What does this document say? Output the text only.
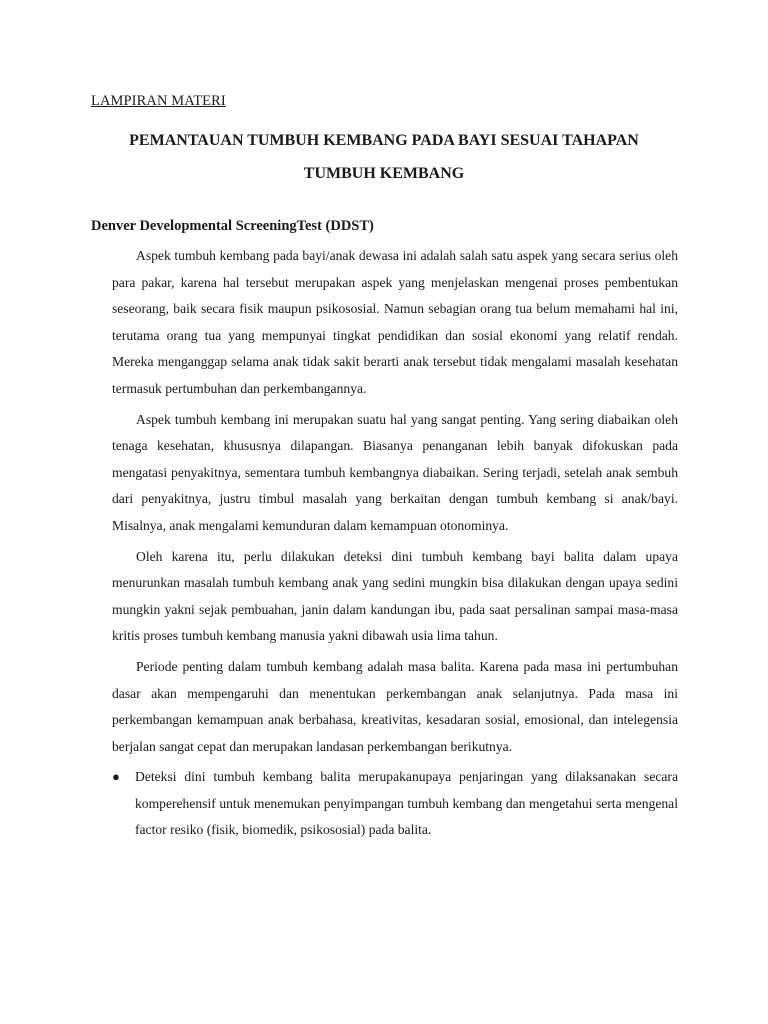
LAMPIRAN MATERI
PEMANTAUAN TUMBUH KEMBANG PADA BAYI SESUAI TAHAPAN
TUMBUH KEMBANG
Denver Developmental ScreeningTest (DDST)

Aspek tumbuh kembang pada bayi/anak dewasa ini adalah salah satu aspek yang secara serius oleh para pakar, karena hal tersebut merupakan aspek yang menjelaskan mengenai proses pembentukan seseorang, baik secara fisik maupun psikososial. Namun sebagian orang tua belum memahami hal ini, terutama orang tua yang mempunyai tingkat pendidikan dan sosial ekonomi yang relatif rendah. Mereka menganggap selama anak tidak sakit berarti anak tersebut tidak mengalami masalah kesehatan termasuk pertumbuhan dan perkembangannya.

Aspek tumbuh kembang ini merupakan suatu hal yang sangat penting. Yang sering diabaikan oleh tenaga kesehatan, khususnya dilapangan. Biasanya penanganan lebih banyak difokuskan pada mengatasi penyakitnya, sementara tumbuh kembangnya diabaikan. Sering terjadi, setelah anak sembuh dari penyakitnya, justru timbul masalah yang berkaitan dengan tumbuh kembang si anak/bayi. Misalnya, anak mengalami kemunduran dalam kemampuan otonominya.

Oleh karena itu, perlu dilakukan deteksi dini tumbuh kembang bayi balita dalam upaya menurunkan masalah tumbuh kembang anak yang sedini mungkin bisa dilakukan dengan upaya sedini mungkin yakni sejak pembuahan, janin dalam kandungan ibu, pada saat persalinan sampai masa-masa kritis proses tumbuh kembang manusia yakni dibawah usia lima tahun.

Periode penting dalam tumbuh kembang adalah masa balita. Karena pada masa ini pertumbuhan dasar akan mempengaruhi dan menentukan perkembangan anak selanjutnya. Pada masa ini perkembangan kemampuan anak berbahasa, kreativitas, kesadaran sosial, emosional, dan intelegensia berjalan sangat cepat dan merupakan landasan perkembangan berikutnya.

● Deteksi dini tumbuh kembang balita merupakanupaya penjaringan yang dilaksanakan secara komperehensif untuk menemukan penyimpangan tumbuh kembang dan mengetahui serta mengenal factor resiko (fisik, biomedik, psikososial) pada balita.
